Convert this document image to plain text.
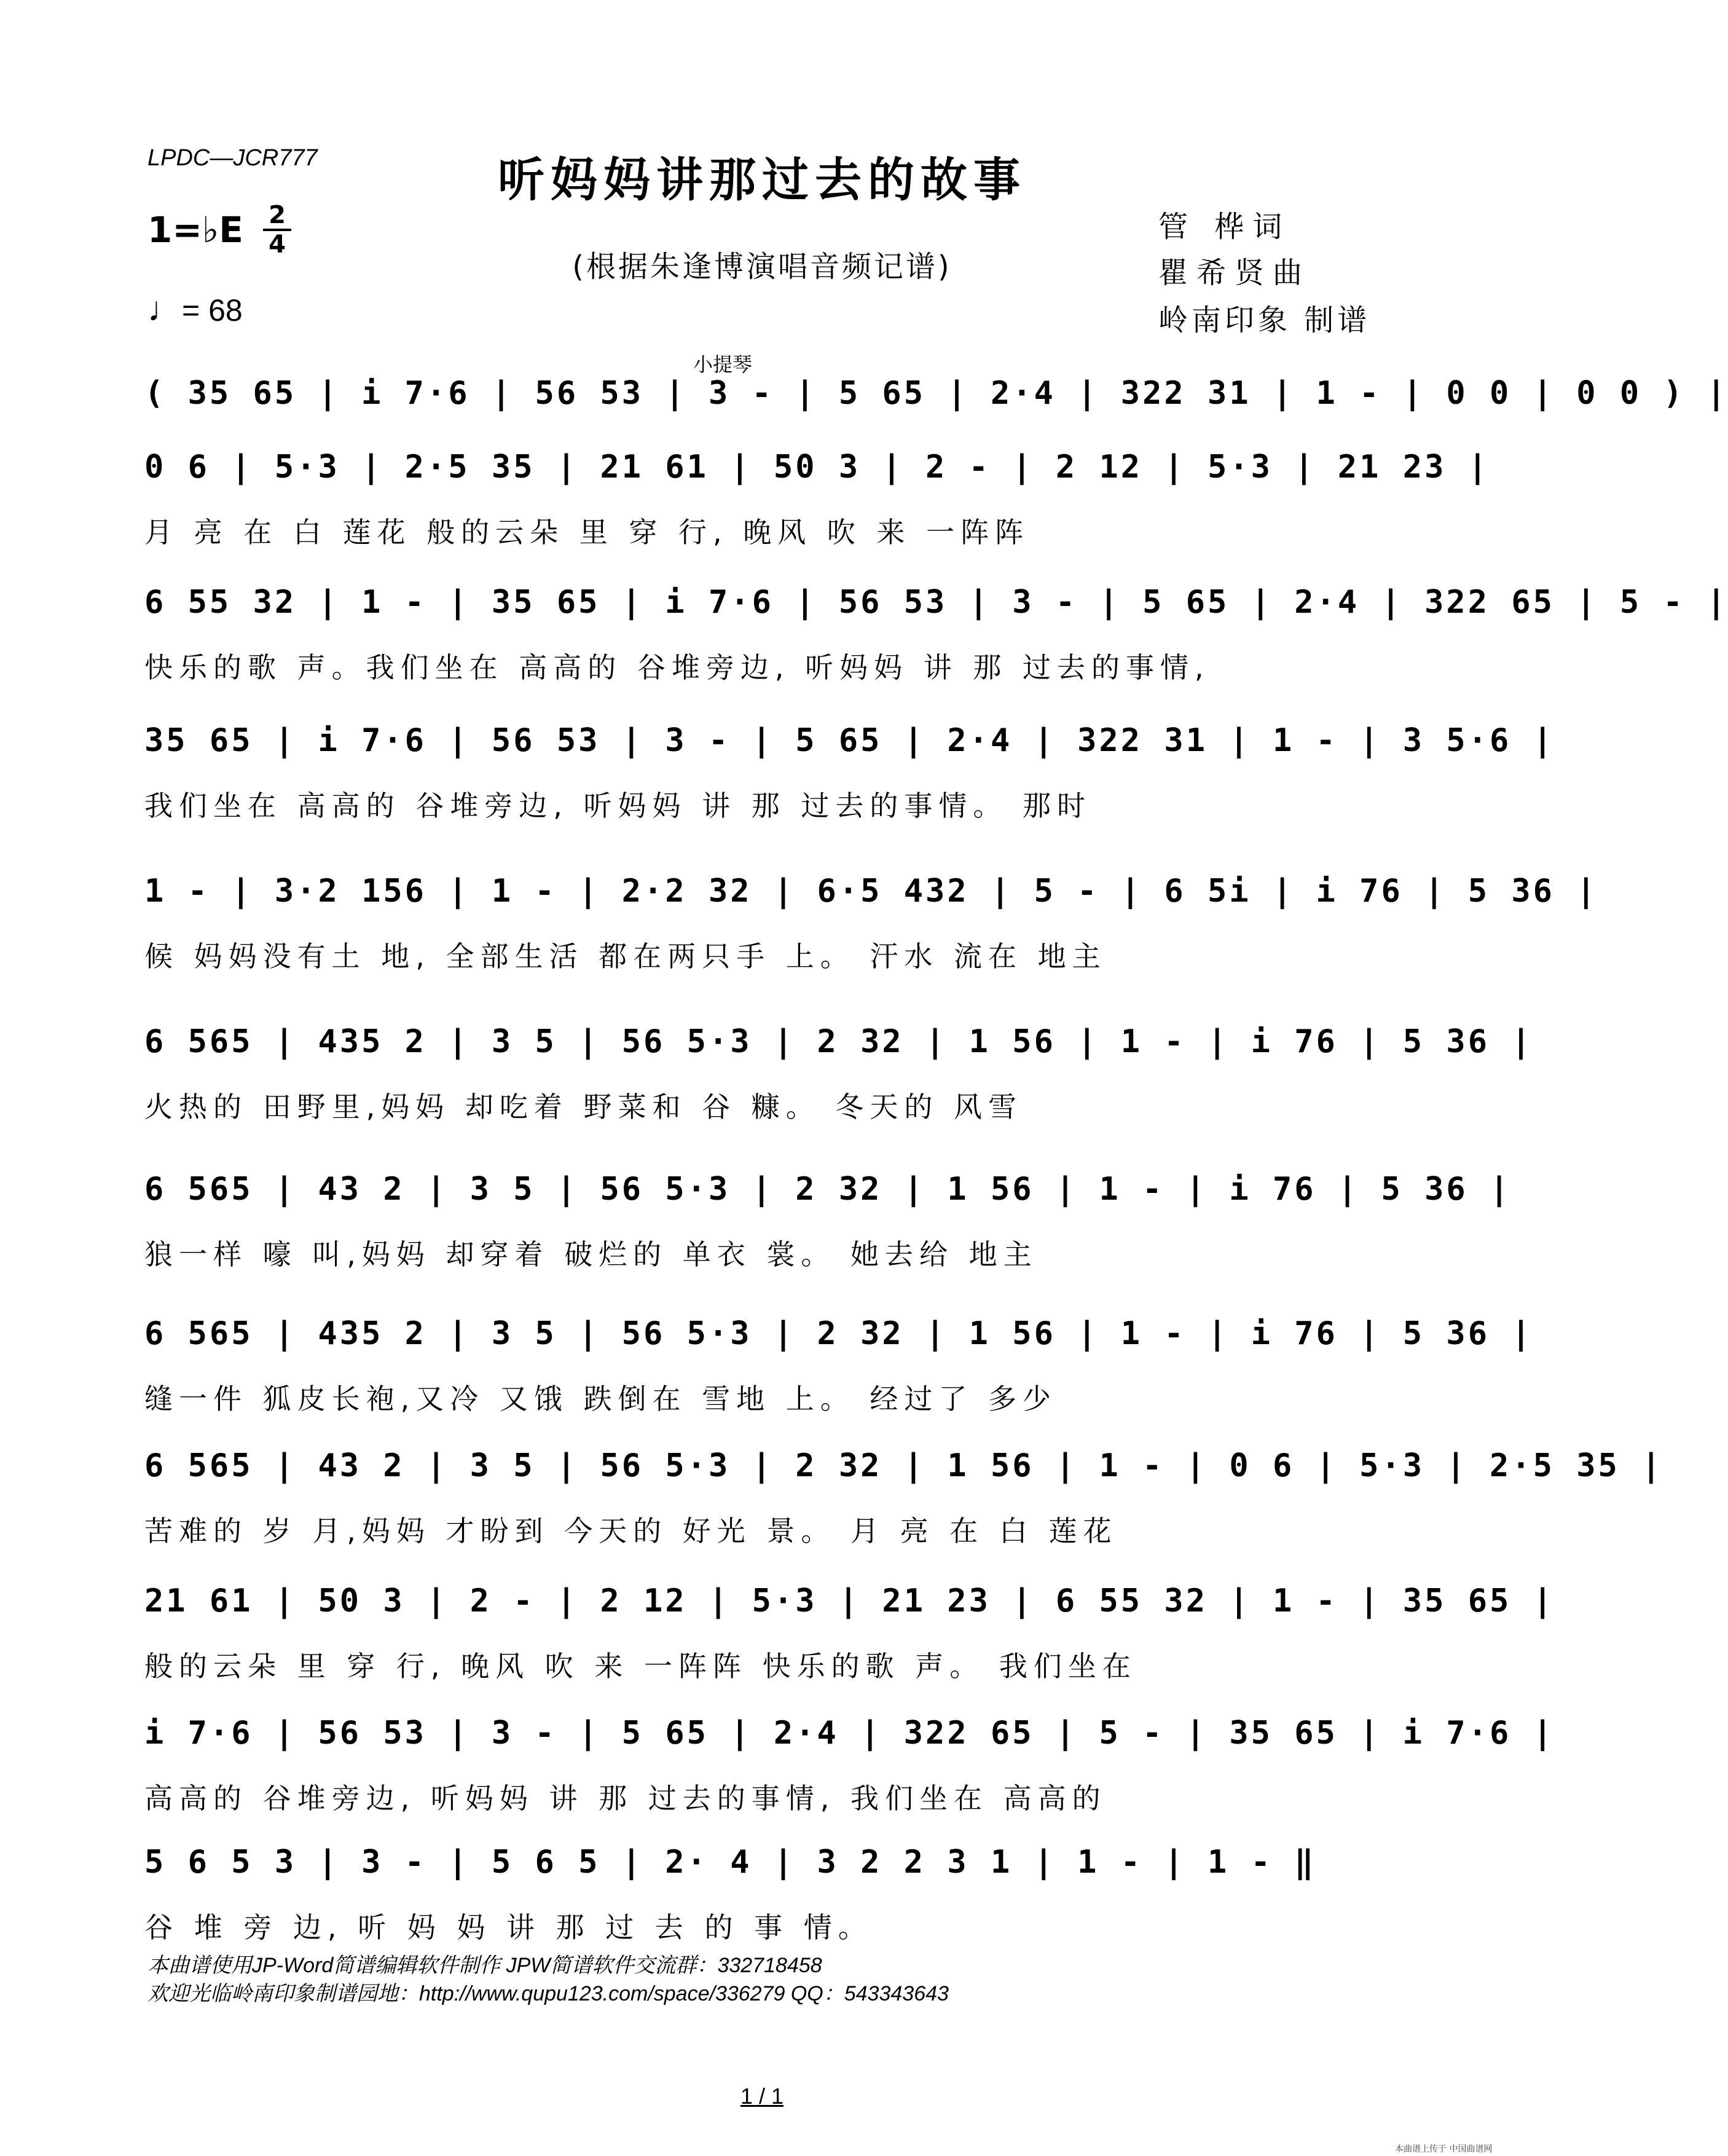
LPDC—JCR777	听妈妈讲那过去的故事
(根据朱逢博演唱音频记谱)
1=♭E 2
4
♩= 68
管 桦词
瞿希贤曲
岭南印象 制谱
小提琴
( 35 65 | i 7·6 | 56 53 | 3 - | 5 65 | 2·4 | 322 31 | 1 - | 0 0 | 0 0 ) |
0 6 | 5·3 | 2·5 35 | 21 61 | 50 3 | 2 - | 2 12 | 5·3 | 21 23 |
月 亮 在 白 莲花 般的云朵 里 穿 行, 晚风 吹 来 一阵阵
6 55 32 | 1 - | 35 65 | i 7·6 | 56 53 | 3 - | 5 65 | 2·4 | 322 65 | 5 - |
快乐的歌 声。我们坐在 高高的 谷堆旁边, 听妈妈 讲 那 过去的事情,
35 65 | i 7·6 | 56 53 | 3 - | 5 65 | 2·4 | 322 31 | 1 - | 3 5·6 |
我们坐在 高高的 谷堆旁边, 听妈妈 讲 那 过去的事情。 那时
1 - | 3·2 156 | 1 - | 2·2 32 | 6·5 432 | 5 - | 6 5i | i 76 | 5 36 |
候 妈妈没有土 地, 全部生活 都在两只手 上。 汗水 流在 地主
6 565 | 435 2 | 3 5 | 56 5·3 | 2 32 | 1 56 | 1 - | i 76 | 5 36 |
火热的 田野里,妈妈 却吃着 野菜和 谷 糠。 冬天的 风雪
6 565 | 43 2 | 3 5 | 56 5·3 | 2 32 | 1 56 | 1 - | i 76 | 5 36 |
狼一样 嚎 叫,妈妈 却穿着 破烂的 单衣 裳。 她去给 地主
6 565 | 435 2 | 3 5 | 56 5·3 | 2 32 | 1 56 | 1 - | i 76 | 5 36 |
缝一件 狐皮长袍,又冷 又饿 跌倒在 雪地 上。 经过了 多少
6 565 | 43 2 | 3 5 | 56 5·3 | 2 32 | 1 56 | 1 - | 0 6 | 5·3 | 2·5 35 |
苦难的 岁 月,妈妈 才盼到 今天的 好光 景。 月 亮 在 白 莲花
21 61 | 50 3 | 2 - | 2 12 | 5·3 | 21 23 | 6 55 32 | 1 - | 35 65 |
般的云朵 里 穿 行, 晚风 吹 来 一阵阵 快乐的歌 声。 我们坐在
i 7·6 | 56 53 | 3 - | 5 65 | 2·4 | 322 65 | 5 - | 35 65 | i 7·6 |
高高的 谷堆旁边, 听妈妈 讲 那 过去的事情, 我们坐在 高高的
5 6 5 3 | 3 - | 5 6 5 | 2· 4 | 3 2 2 3 1 | 1 - | 1 - ‖
谷 堆 旁 边, 听 妈 妈 讲 那 过 去 的 事 情。
本曲谱使用JP-Word简谱编辑软件制作 JPW简谱软件交流群：332718458
欢迎光临岭南印象制谱园地：http://www.qupu123.com/space/336279 QQ：543343643
1 / 1
本曲谱上传于 中国曲谱网
